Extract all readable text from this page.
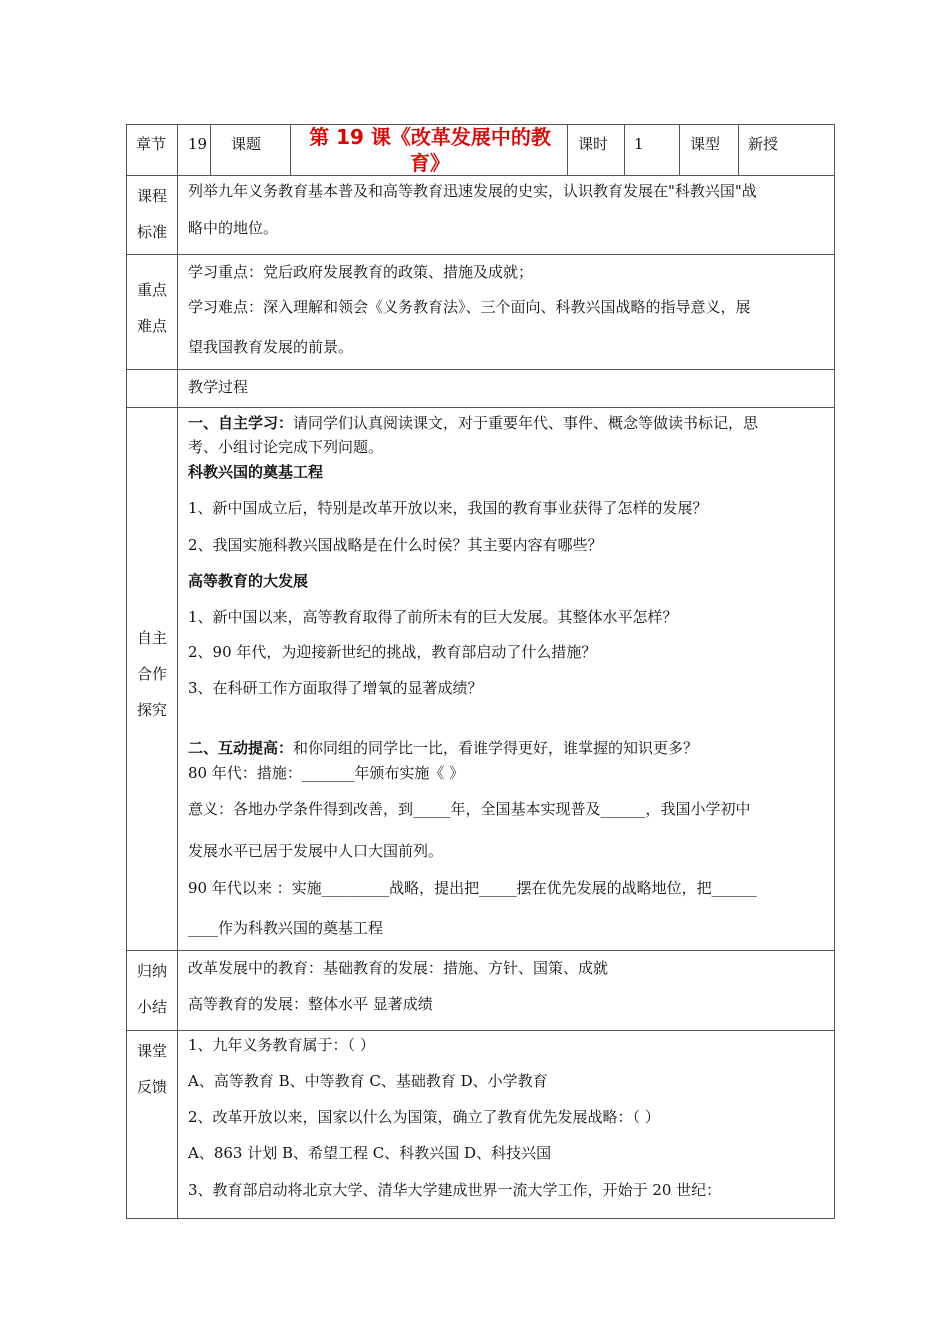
章节 19 课题	第 19 课《改革发展中的教
育》
课时 1	课型 新授
课程
标准
列举九年义务教育基本普及和高等教育迅速发展的史实，认识教育发展在"科教兴国"战
略中的地位。
重点
难点
学习重点：党后政府发展教育的政策、措施及成就；
学习难点：深入理解和领会《义务教育法》、三个面向、科教兴国战略的指导意义，展
望我国教育发展的前景。
教学过程
自主
合作
探究
一、自主学习：请同学们认真阅读课文，对于重要年代、事件、概念等做读书标记，思
考、小组讨论完成下列问题。
科教兴国的奠基工程
1、新中国成立后，特别是改革开放以来，我国的教育事业获得了怎样的发展？
2、我国实施科教兴国战略是在什么时侯？其主要内容有哪些？
高等教育的大发展
1、新中国以来，高等教育取得了前所未有的巨大发展。其整体水平怎样？
2、90 年代，为迎接新世纪的挑战，教育部启动了什么措施？
3、在科研工作方面取得了增氧的显著成绩？
二、互动提高：和你同组的同学比一比，看谁学得更好，谁掌握的知识更多？
80 年代：措施：_______年颁布实施《 》
意义：各地办学条件得到改善，到_____年，全国基本实现普及______，我国小学初中
发展水平已居于发展中人口大国前列。
90 年代以来 ：实施_________战略，提出把_____摆在优先发展的战略地位，把______
____作为科教兴国的奠基工程
归纳
小结
改革发展中的教育：基础教育的发展：措施、方针、国策、成就
高等教育的发展：整体水平 显著成绩
课堂
反馈
1、九年义务教育属于：（ ）
A、高等教育 B、中等教育 C、基础教育 D、小学教育
2、改革开放以来，国家以什么为国策，确立了教育优先发展战略：（ ）
A、863 计划 B、希望工程 C、科教兴国 D、科技兴国
3、教育部启动将北京大学、清华大学建成世界一流大学工作，开始于 20 世纪：
